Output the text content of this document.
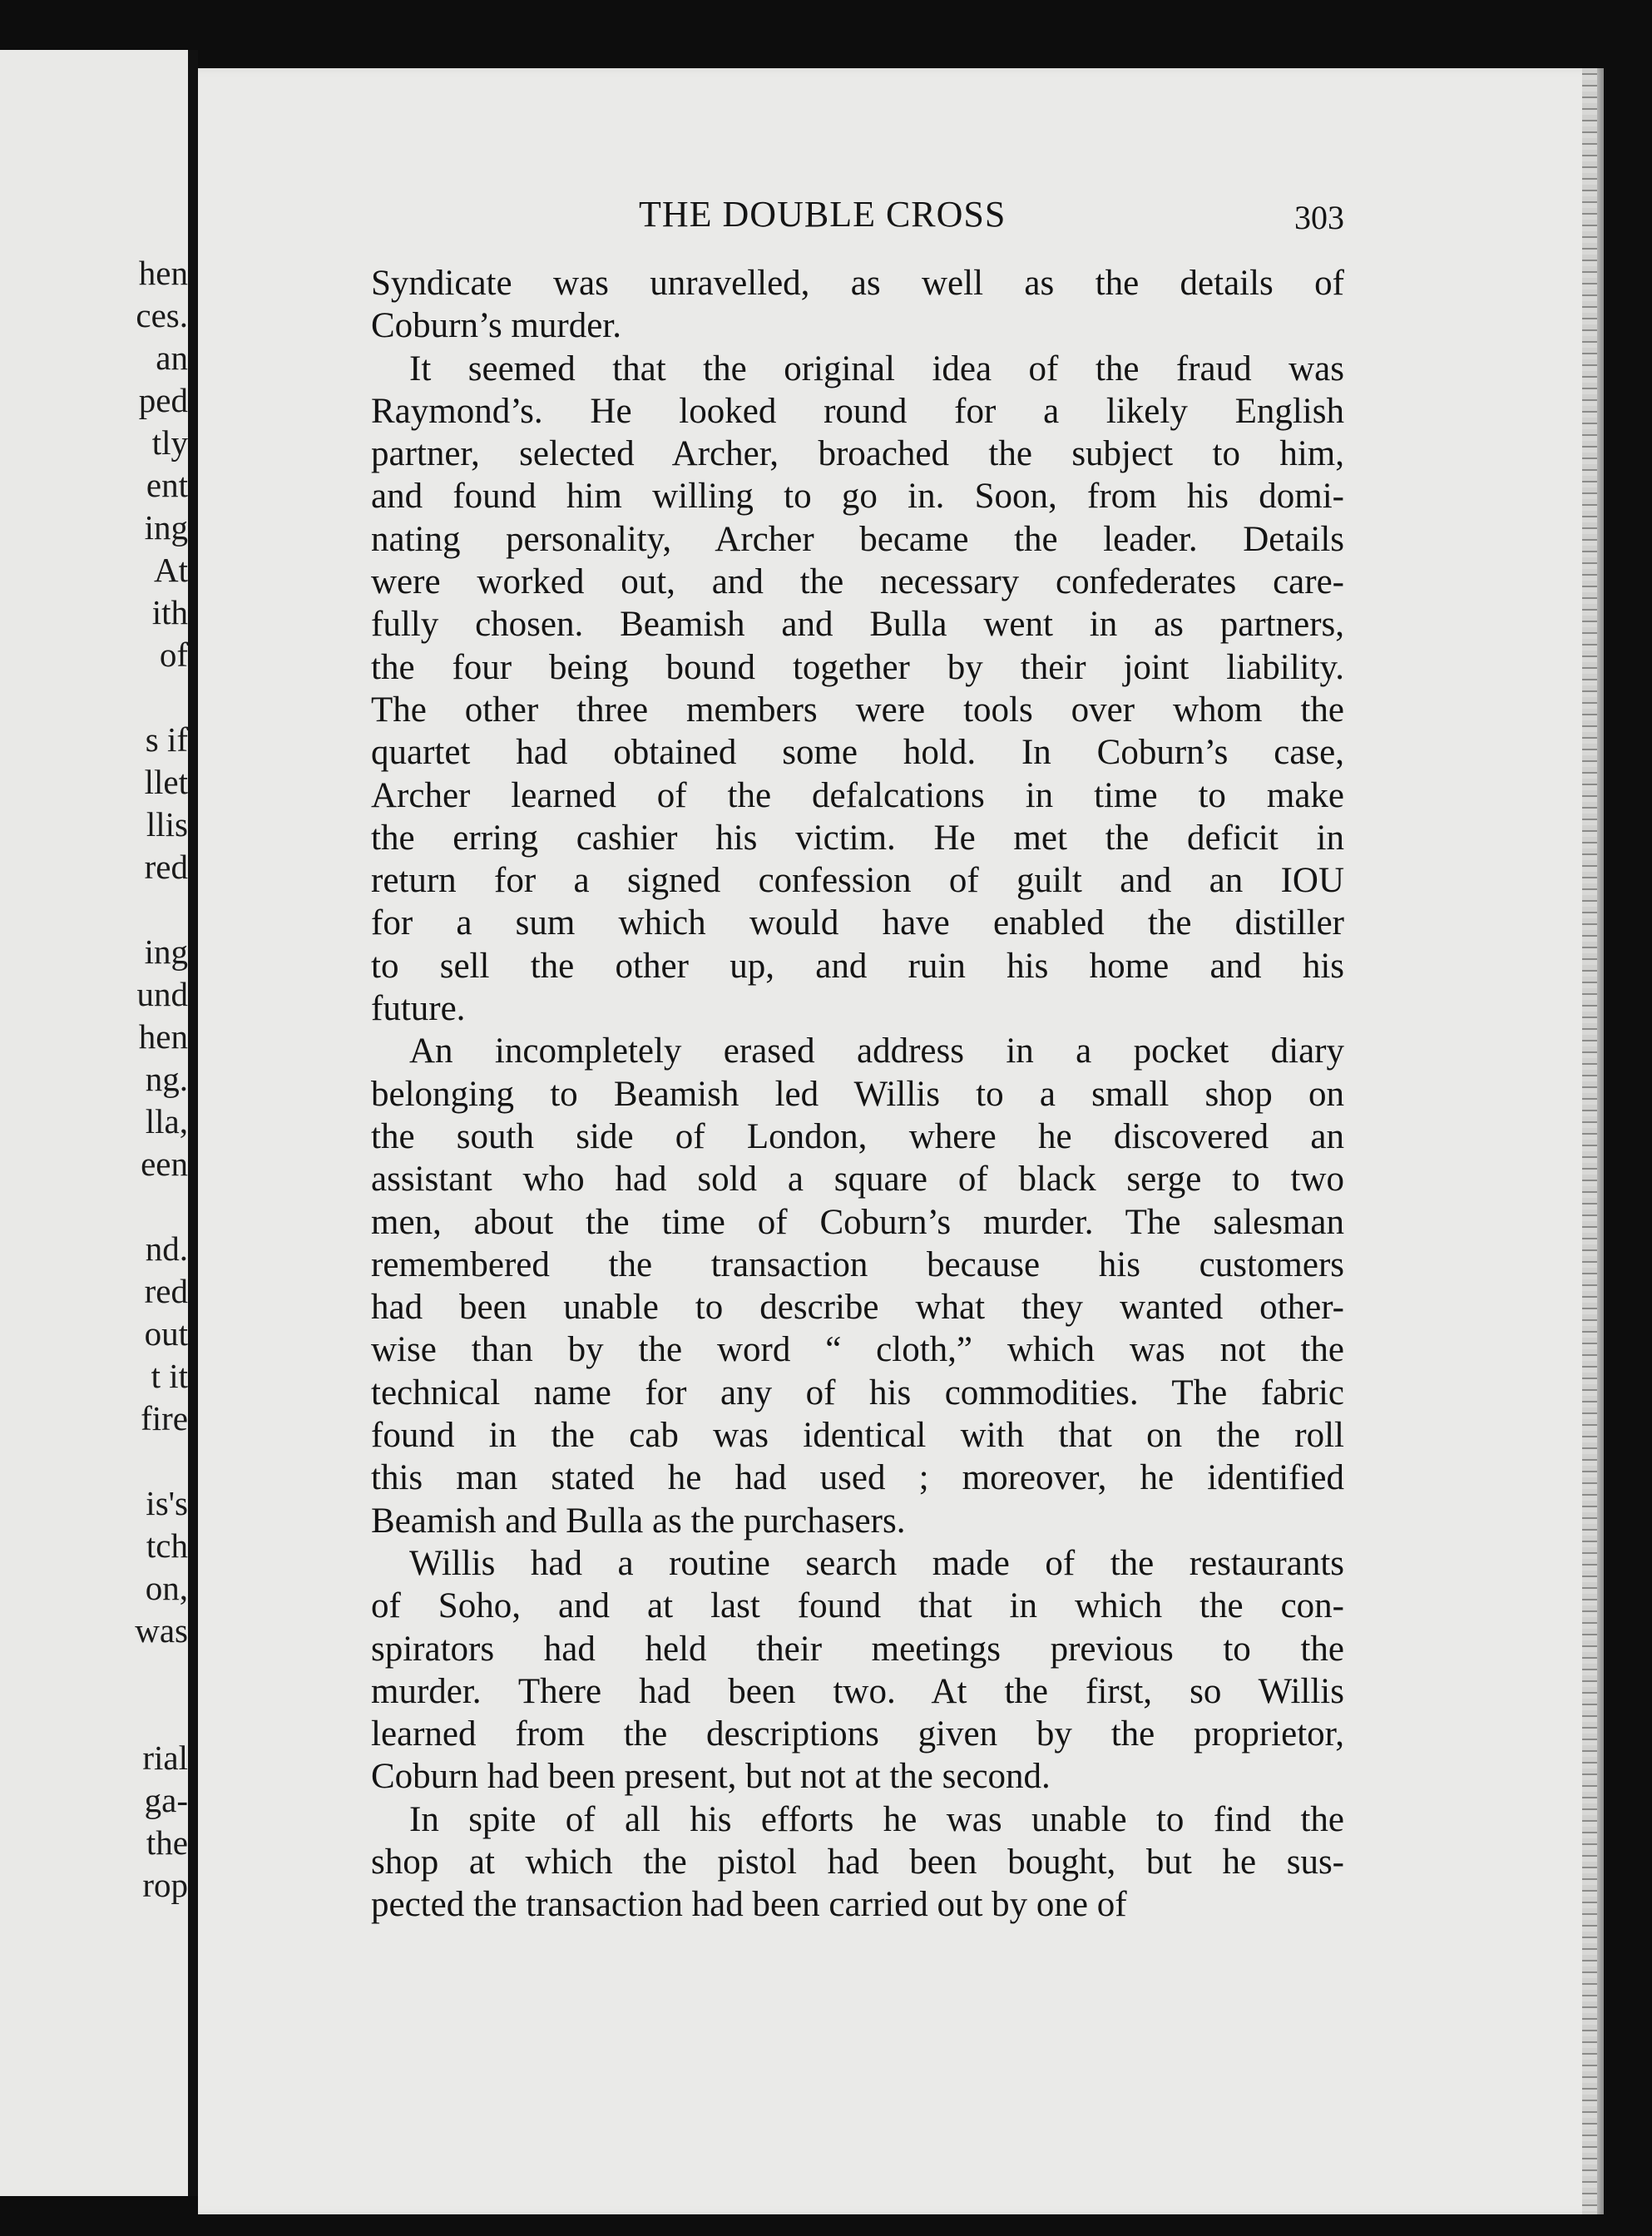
hen
ces.
an
ped
tly
ent
ing
At
ith
of
s if
llet
llis
red
ing
und
hen
ng.
lla,
een
nd.
red
out
t it
fire
is's
tch
on,
was
rial
ga-
the
rop
THE DOUBLE CROSS	303
Syndicate was unravelled, as well as the details of
Coburn’s murder.
It seemed that the original idea of the fraud was
Raymond’s. He looked round for a likely English
partner, selected Archer, broached the subject to him,
and found him willing to go in. Soon, from his domi-
nating personality, Archer became the leader. Details
were worked out, and the necessary confederates care-
fully chosen. Beamish and Bulla went in as partners,
the four being bound together by their joint liability.
The other three members were tools over whom the
quartet had obtained some hold. In Coburn’s case,
Archer learned of the defalcations in time to make
the erring cashier his victim. He met the deficit in
return for a signed confession of guilt and an IOU
for a sum which would have enabled the distiller
to sell the other up, and ruin his home and his
future.
An incompletely erased address in a pocket diary
belonging to Beamish led Willis to a small shop on
the south side of London, where he discovered an
assistant who had sold a square of black serge to two
men, about the time of Coburn’s murder. The salesman
remembered the transaction because his customers
had been unable to describe what they wanted other-
wise than by the word “ cloth,” which was not the
technical name for any of his commodities. The fabric
found in the cab was identical with that on the roll
this man stated he had used ; moreover, he identified
Beamish and Bulla as the purchasers.
Willis had a routine search made of the restaurants
of Soho, and at last found that in which the con-
spirators had held their meetings previous to the
murder. There had been two. At the first, so Willis
learned from the descriptions given by the proprietor,
Coburn had been present, but not at the second.
In spite of all his efforts he was unable to find the
shop at which the pistol had been bought, but he sus-
pected the transaction had been carried out by one of
